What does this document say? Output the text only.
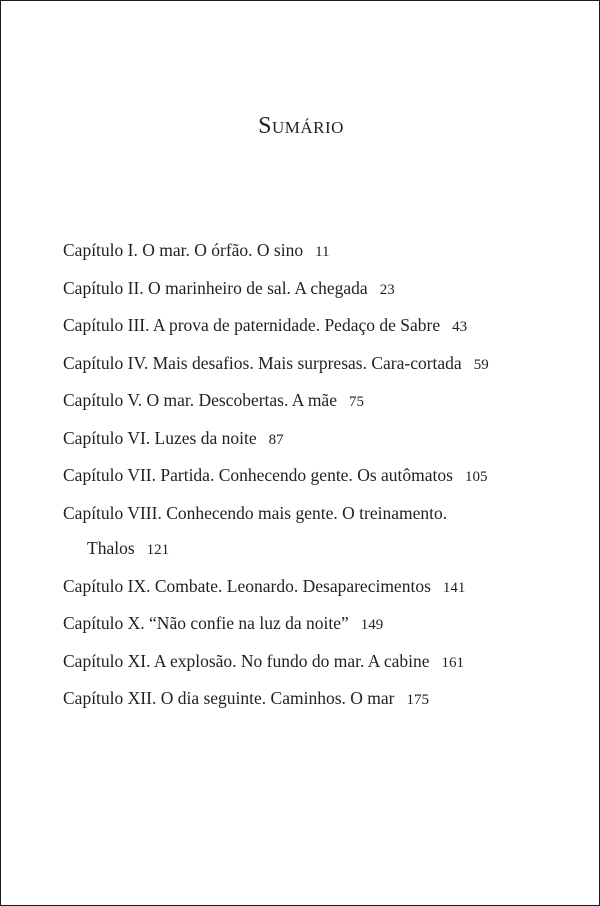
Sumário
Capítulo I. O mar. O órfão. O sino 11
Capítulo II. O marinheiro de sal. A chegada 23
Capítulo III. A prova de paternidade. Pedaço de Sabre 43
Capítulo IV. Mais desafios. Mais surpresas. Cara-cortada 59
Capítulo V. O mar. Descobertas. A mãe 75
Capítulo VI. Luzes da noite 87
Capítulo VII. Partida. Conhecendo gente. Os autômatos 105
Capítulo VIII. Conhecendo mais gente. O treinamento.
Thalos 121
Capítulo IX. Combate. Leonardo. Desaparecimentos 141
Capítulo X. “Não confie na luz da noite” 149
Capítulo XI. A explosão. No fundo do mar. A cabine 161
Capítulo XII. O dia seguinte. Caminhos. O mar 175
